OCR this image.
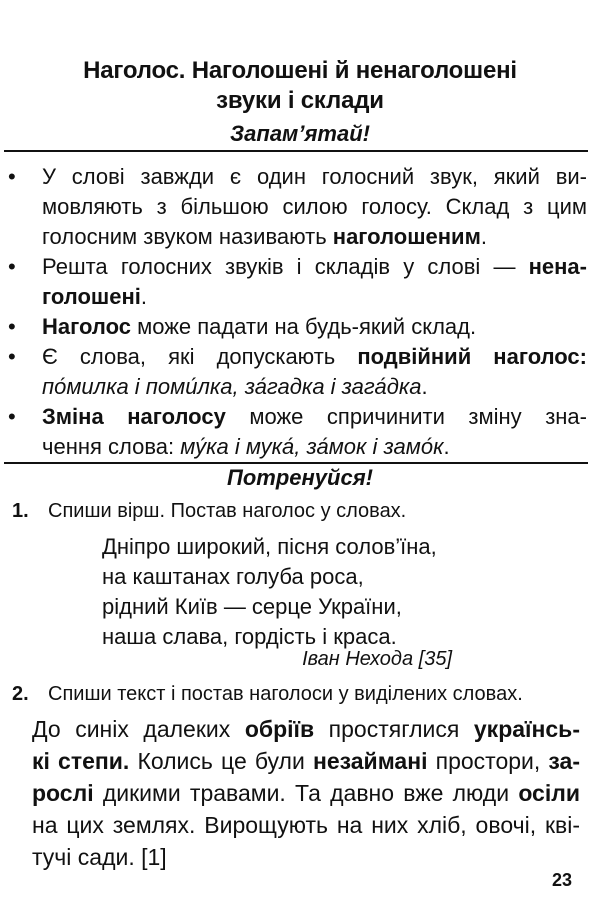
Наголос. Наголошені й ненаголошені
звуки і склади
Запам’ятай!
• У слові завжди є один голосний звук, який ви-
мовляють з більшою силою голосу. Склад з цим
голосним звуком називають наголошеним.
• Решта голосних звуків і складів у слові — нена-
голошені.
• Наголос може падати на будь-який склад.
• Є слова, які допускають подвійний наголос:
по́милка і поми́лка, за́гадка і зага́дка.
• Зміна наголосу може спричинити зміну зна-
чення слова: му́ка і мука́, за́мок і замо́к.
Потренуйся!
1. Спиши вірш. Постав наголос у словах.
Дніпро широкий, пісня солов’їна,
на каштанах голуба роса,
рідний Київ — серце України,
наша слава, гордість і краса.
Іван Нехода [35]
2. Спиши текст і постав наголоси у виділених словах.
До синіх далеких обріїв простяглися українсь-
кі степи. Колись це були незаймані простори, за-
рослі дикими травами. Та давно вже люди осіли
на цих землях. Вирощують на них хліб, овочі, кві-
тучі сади. [1]
23
